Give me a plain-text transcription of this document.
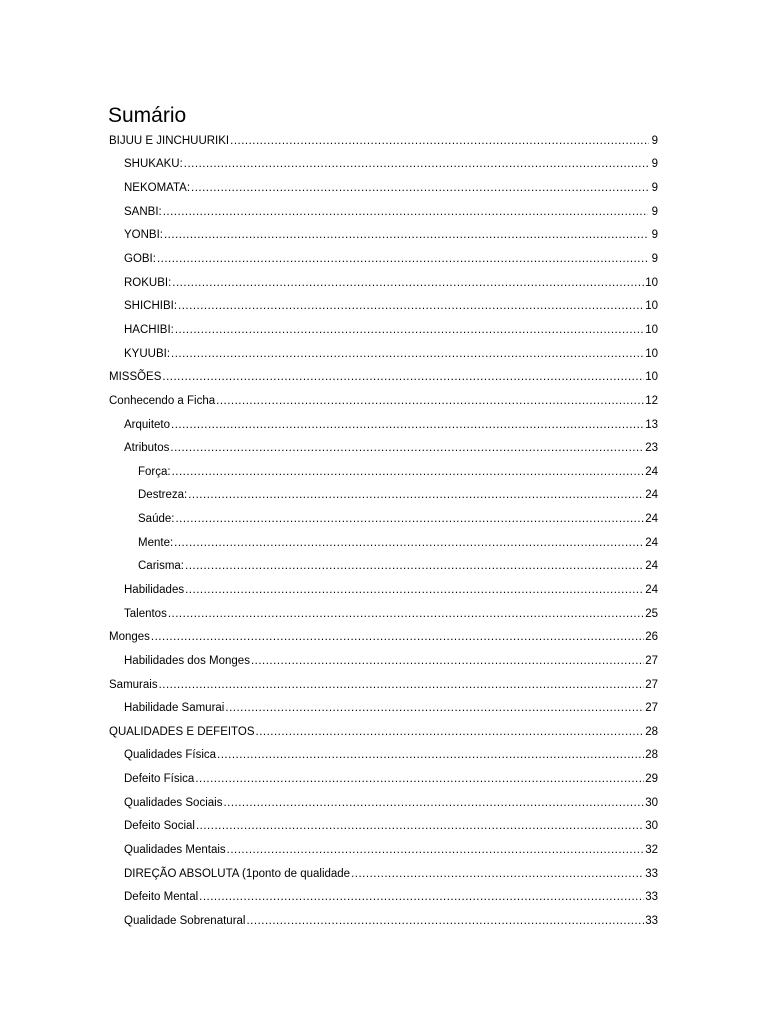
Sumário
BIJUU E JINCHUURIKI .....	9
SHUKAKU: .....	9
NEKOMATA: .....	9
SANBI: .....	9
YONBI: .....	9
GOBI: .....	9
ROKUBI: .....	10
SHICHIBI: .....	10
HACHIBI: .....	10
KYUUBI: .....	10
MISSÕES .....	10
Conhecendo a Ficha .....	12
Arquiteto .....	13
Atributos .....	23
Força: .....	24
Destreza: .....	24
Saúde: .....	24
Mente: .....	24
Carisma: .....	24
Habilidades .....	24
Talentos .....	25
Monges .....	26
Habilidades dos Monges .....	27
Samurais .....	27
Habilidade Samurai .....	27
QUALIDADES E DEFEITOS .....	28
Qualidades Física .....	28
Defeito Física .....	29
Qualidades Sociais .....	30
Defeito Social .....	30
Qualidades Mentais .....	32
DIREÇÃO ABSOLUTA (1ponto de qualidade .....	33
Defeito Mental .....	33
Qualidade Sobrenatural .....	33
